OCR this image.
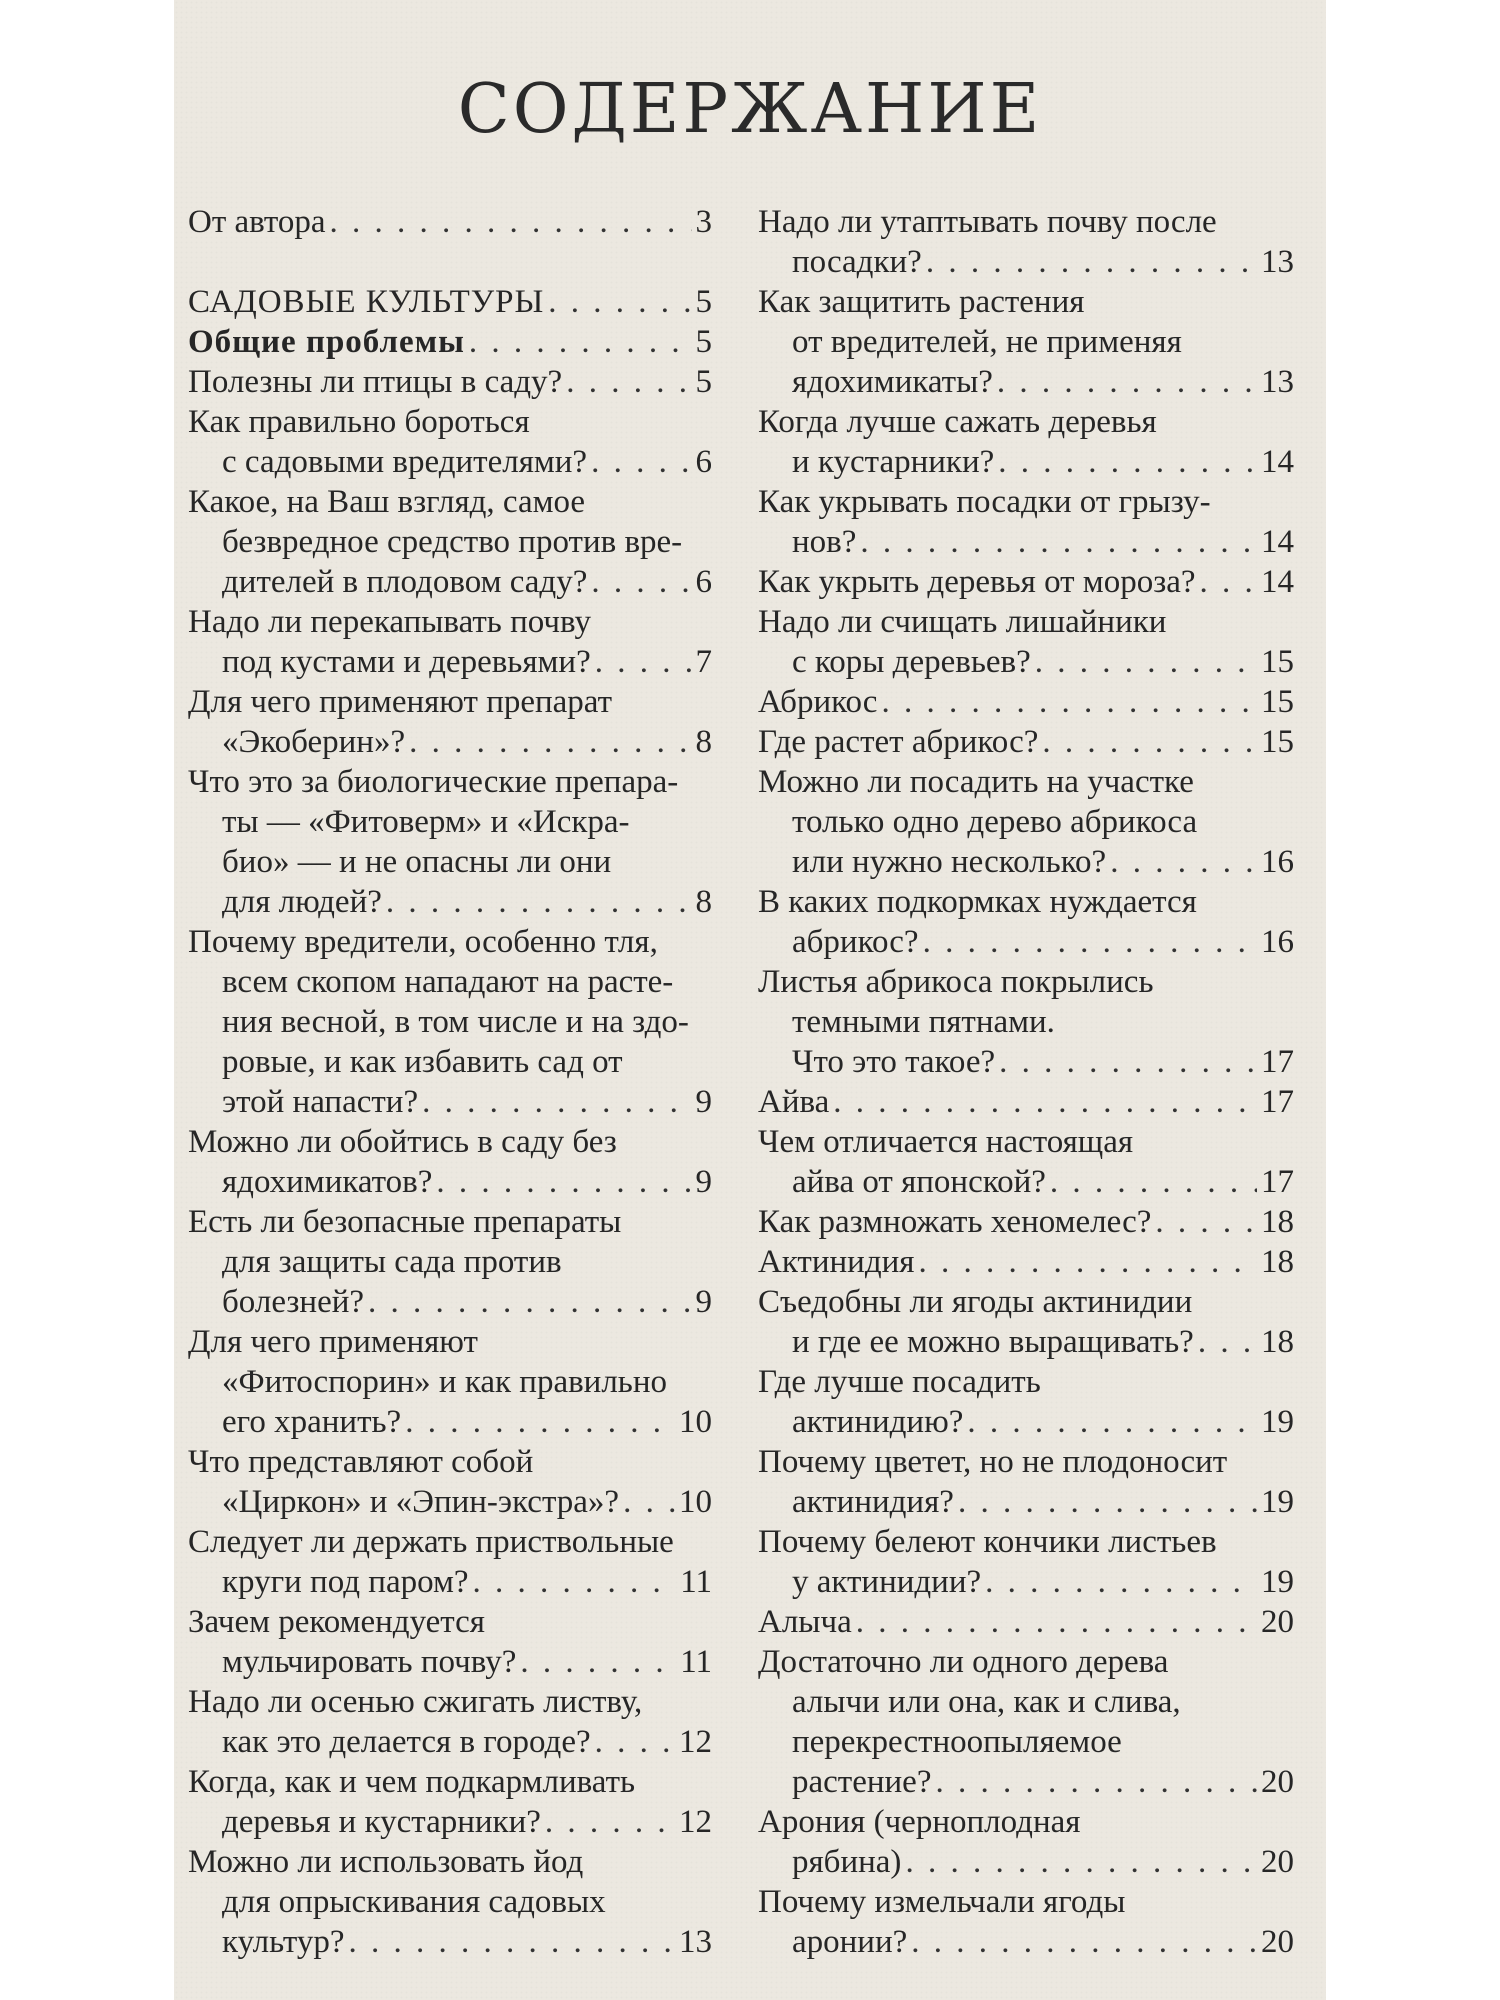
СОДЕРЖАНИЕ
От автора . . .	3
САДОВЫЕ КУЛЬТУРЫ . . .	5
Общие проблемы . . .	5
Полезны ли птицы в саду? . . .	5
Как правильно бороться
с садовыми вредителями? . . .	6
Какое, на Ваш взгляд, самое
безвредное средство против вре-
дителей в плодовом саду? . . .	6
Надо ли перекапывать почву
под кустами и деревьями? . . .	7
Для чего применяют препарат
«Экоберин»? . . .	8
Что это за биологические препара-
ты — «Фитоверм» и «Искра-
био» — и не опасны ли они
для людей? . . .	8
Почему вредители, особенно тля,
всем скопом нападают на расте-
ния весной, в том числе и на здо-
ровые, и как избавить сад от
этой напасти? . . .	9
Можно ли обойтись в саду без
ядохимикатов? . . .	9
Есть ли безопасные препараты
для защиты сада против
болезней? . . .	9
Для чего применяют
«Фитоспорин» и как правильно
его хранить? . . .	10
Что представляют собой
«Циркон» и «Эпин-экстра»? . . . 10
Следует ли держать приствольные
круги под паром? . . .	11
Зачем рекомендуется
мульчировать почву? . . .	11
Надо ли осенью сжигать листву,
как это делается в городе? . . .	12
Когда, как и чем подкармливать
деревья и кустарники? . . .	12
Можно ли использовать йод
для опрыскивания садовых
культур? . . .	13
Надо ли утаптывать почву после
посадки? . . .	13
Как защитить растения
от вредителей, не применяя
ядохимикаты? . . .	13
Когда лучше сажать деревья
и кустарники? . . .	14
Как укрывать посадки от грызу-
нов? . . .	14
Как укрыть деревья от мороза? . . . 14
Надо ли счищать лишайники
с коры деревьев? . . .	15
Абрикос . . .	15
Где растет абрикос? . . .	15
Можно ли посадить на участке
только одно дерево абрикоса
или нужно несколько? . . .	16
В каких подкормках нуждается
абрикос? . . .	16
Листья абрикоса покрылись
темными пятнами.
Что это такое? . . .	17
Айва . . .	17
Чем отличается настоящая
айва от японской? . . .	17
Как размножать хеномелес? . . .	18
Актинидия . . .	18
Съедобны ли ягоды актинидии
и где ее можно выращивать? . . . 18
Где лучше посадить
актинидию? . . .	19
Почему цветет, но не плодоносит
актинидия? . . .	19
Почему белеют кончики листьев
у актинидии? . . .	19
Алыча . . .	20
Достаточно ли одного дерева
алычи или она, как и слива,
перекрестноопыляемое
растение? . . .	20
Арония (черноплодная
рябина) . . .	20
Почему измельчали ягоды
аронии? . . .	20
